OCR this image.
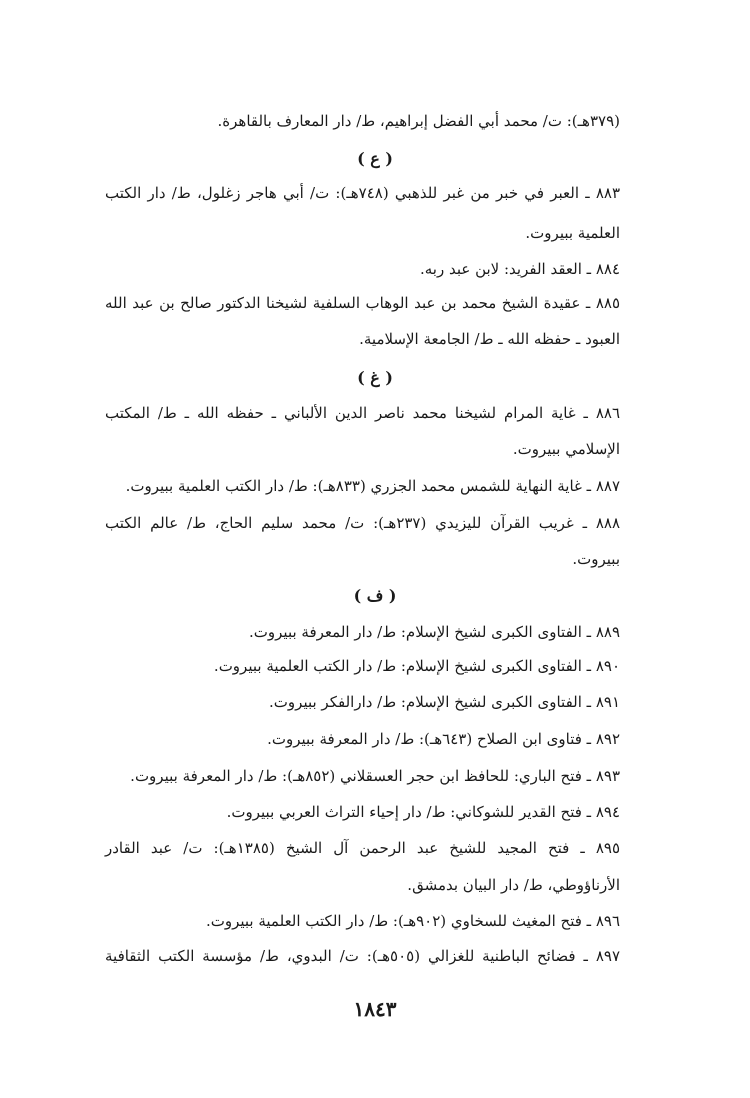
(٣٧٩هـ): ت/ محمد أبي الفضل إبراهيم، ط/ دار المعارف بالقاهرة.
( ع )
٨٨٣ ـ العبر في خبر من غبر للذهبي (٧٤٨هـ): ت/ أبي هاجر زغلول، ط/ دار الكتب
العلمية ببيروت.
٨٨٤ ـ العقد الفريد: لابن عبد ربه.
٨٨٥ ـ عقيدة الشيخ محمد بن عبد الوهاب السلفية لشيخنا الدكتور صالح بن عبد الله
العبود ـ حفظه الله ـ ط/ الجامعة الإسلامية.
( غ )
٨٨٦ ـ غاية المرام لشيخنا محمد ناصر الدين الألباني ـ حفظه الله ـ ط/ المكتب
الإسلامي ببيروت.
٨٨٧ ـ غاية النهاية للشمس محمد الجزري (٨٣٣هـ): ط/ دار الكتب العلمية ببيروت.
٨٨٨ ـ غريب القرآن لليزيدي (٢٣٧هـ): ت/ محمد سليم الحاج، ط/ عالم الكتب
ببيروت.
( ف )
٨٨٩ ـ الفتاوى الكبرى لشيخ الإسلام: ط/ دار المعرفة ببيروت.
٨٩٠ ـ الفتاوى الكبرى لشيخ الإسلام: ط/ دار الكتب العلمية ببيروت.
٨٩١ ـ الفتاوى الكبرى لشيخ الإسلام: ط/ دارالفكر ببيروت.
٨٩٢ ـ فتاوى ابن الصلاح (٦٤٣هـ): ط/ دار المعرفة ببيروت.
٨٩٣ ـ فتح الباري: للحافظ ابن حجر العسقلاني (٨٥٢هـ): ط/ دار المعرفة ببيروت.
٨٩٤ ـ فتح القدير للشوكاني: ط/ دار إحياء التراث العربي ببيروت.
٨٩٥ ـ فتح المجيد للشيخ عبد الرحمن آل الشيخ (١٣٨٥هـ): ت/ عبد القادر
الأرناؤوطي، ط/ دار البيان بدمشق.
٨٩٦ ـ فتح المغيث للسخاوي (٩٠٢هـ): ط/ دار الكتب العلمية ببيروت.
٨٩٧ ـ فضائح الباطنية للغزالي (٥٠٥هـ): ت/ البدوي، ط/ مؤسسة الكتب الثقافية
١٨٤٣
